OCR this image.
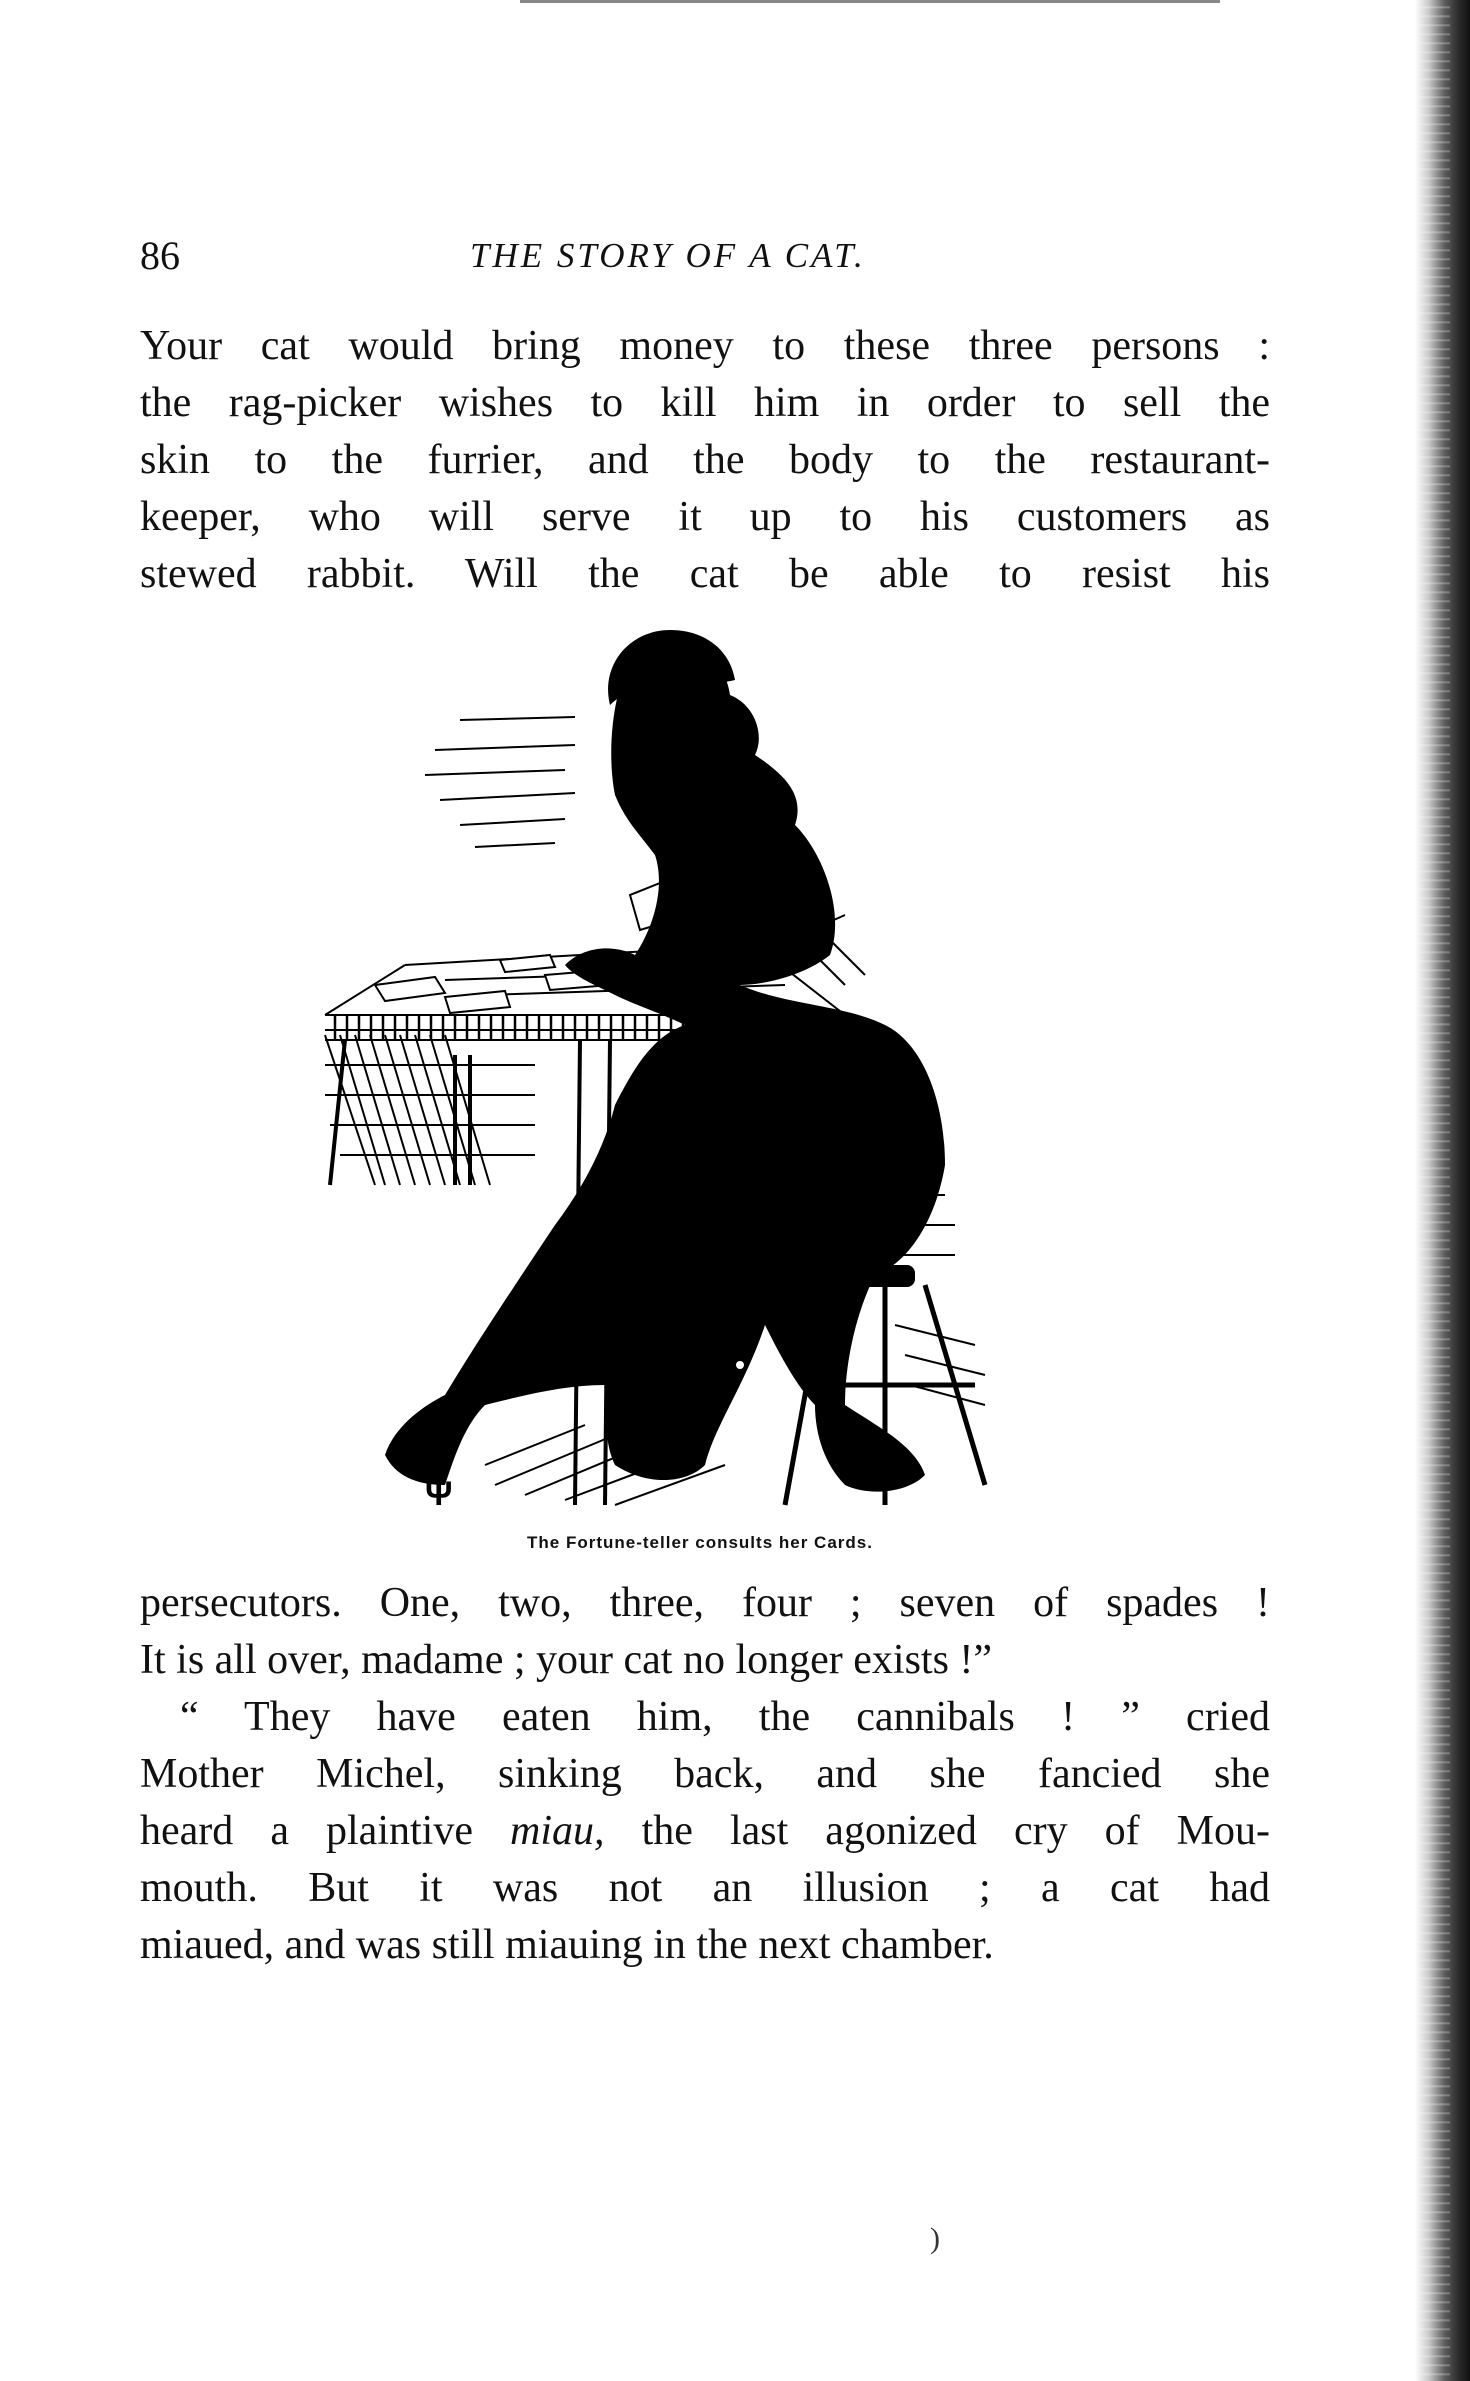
86	THE STORY OF A CAT.
Your cat would bring money to these three persons :
the rag-picker wishes to kill him in order to sell the
skin to the furrier, and the body to the restaurant-
keeper, who will serve it up to his customers as
stewed rabbit. Will the cat be able to resist his
Ψ
The Fortune-teller consults her Cards.
persecutors. One, two, three, four ; seven of spades !
It is all over, madame ; your cat no longer exists !”
“ They have eaten him, the cannibals ! ” cried
Mother Michel, sinking back, and she fancied she
heard a plaintive miau, the last agonized cry of Mou-
mouth. But it was not an illusion ; a cat had
miaued, and was still miauing in the next chamber.
)
